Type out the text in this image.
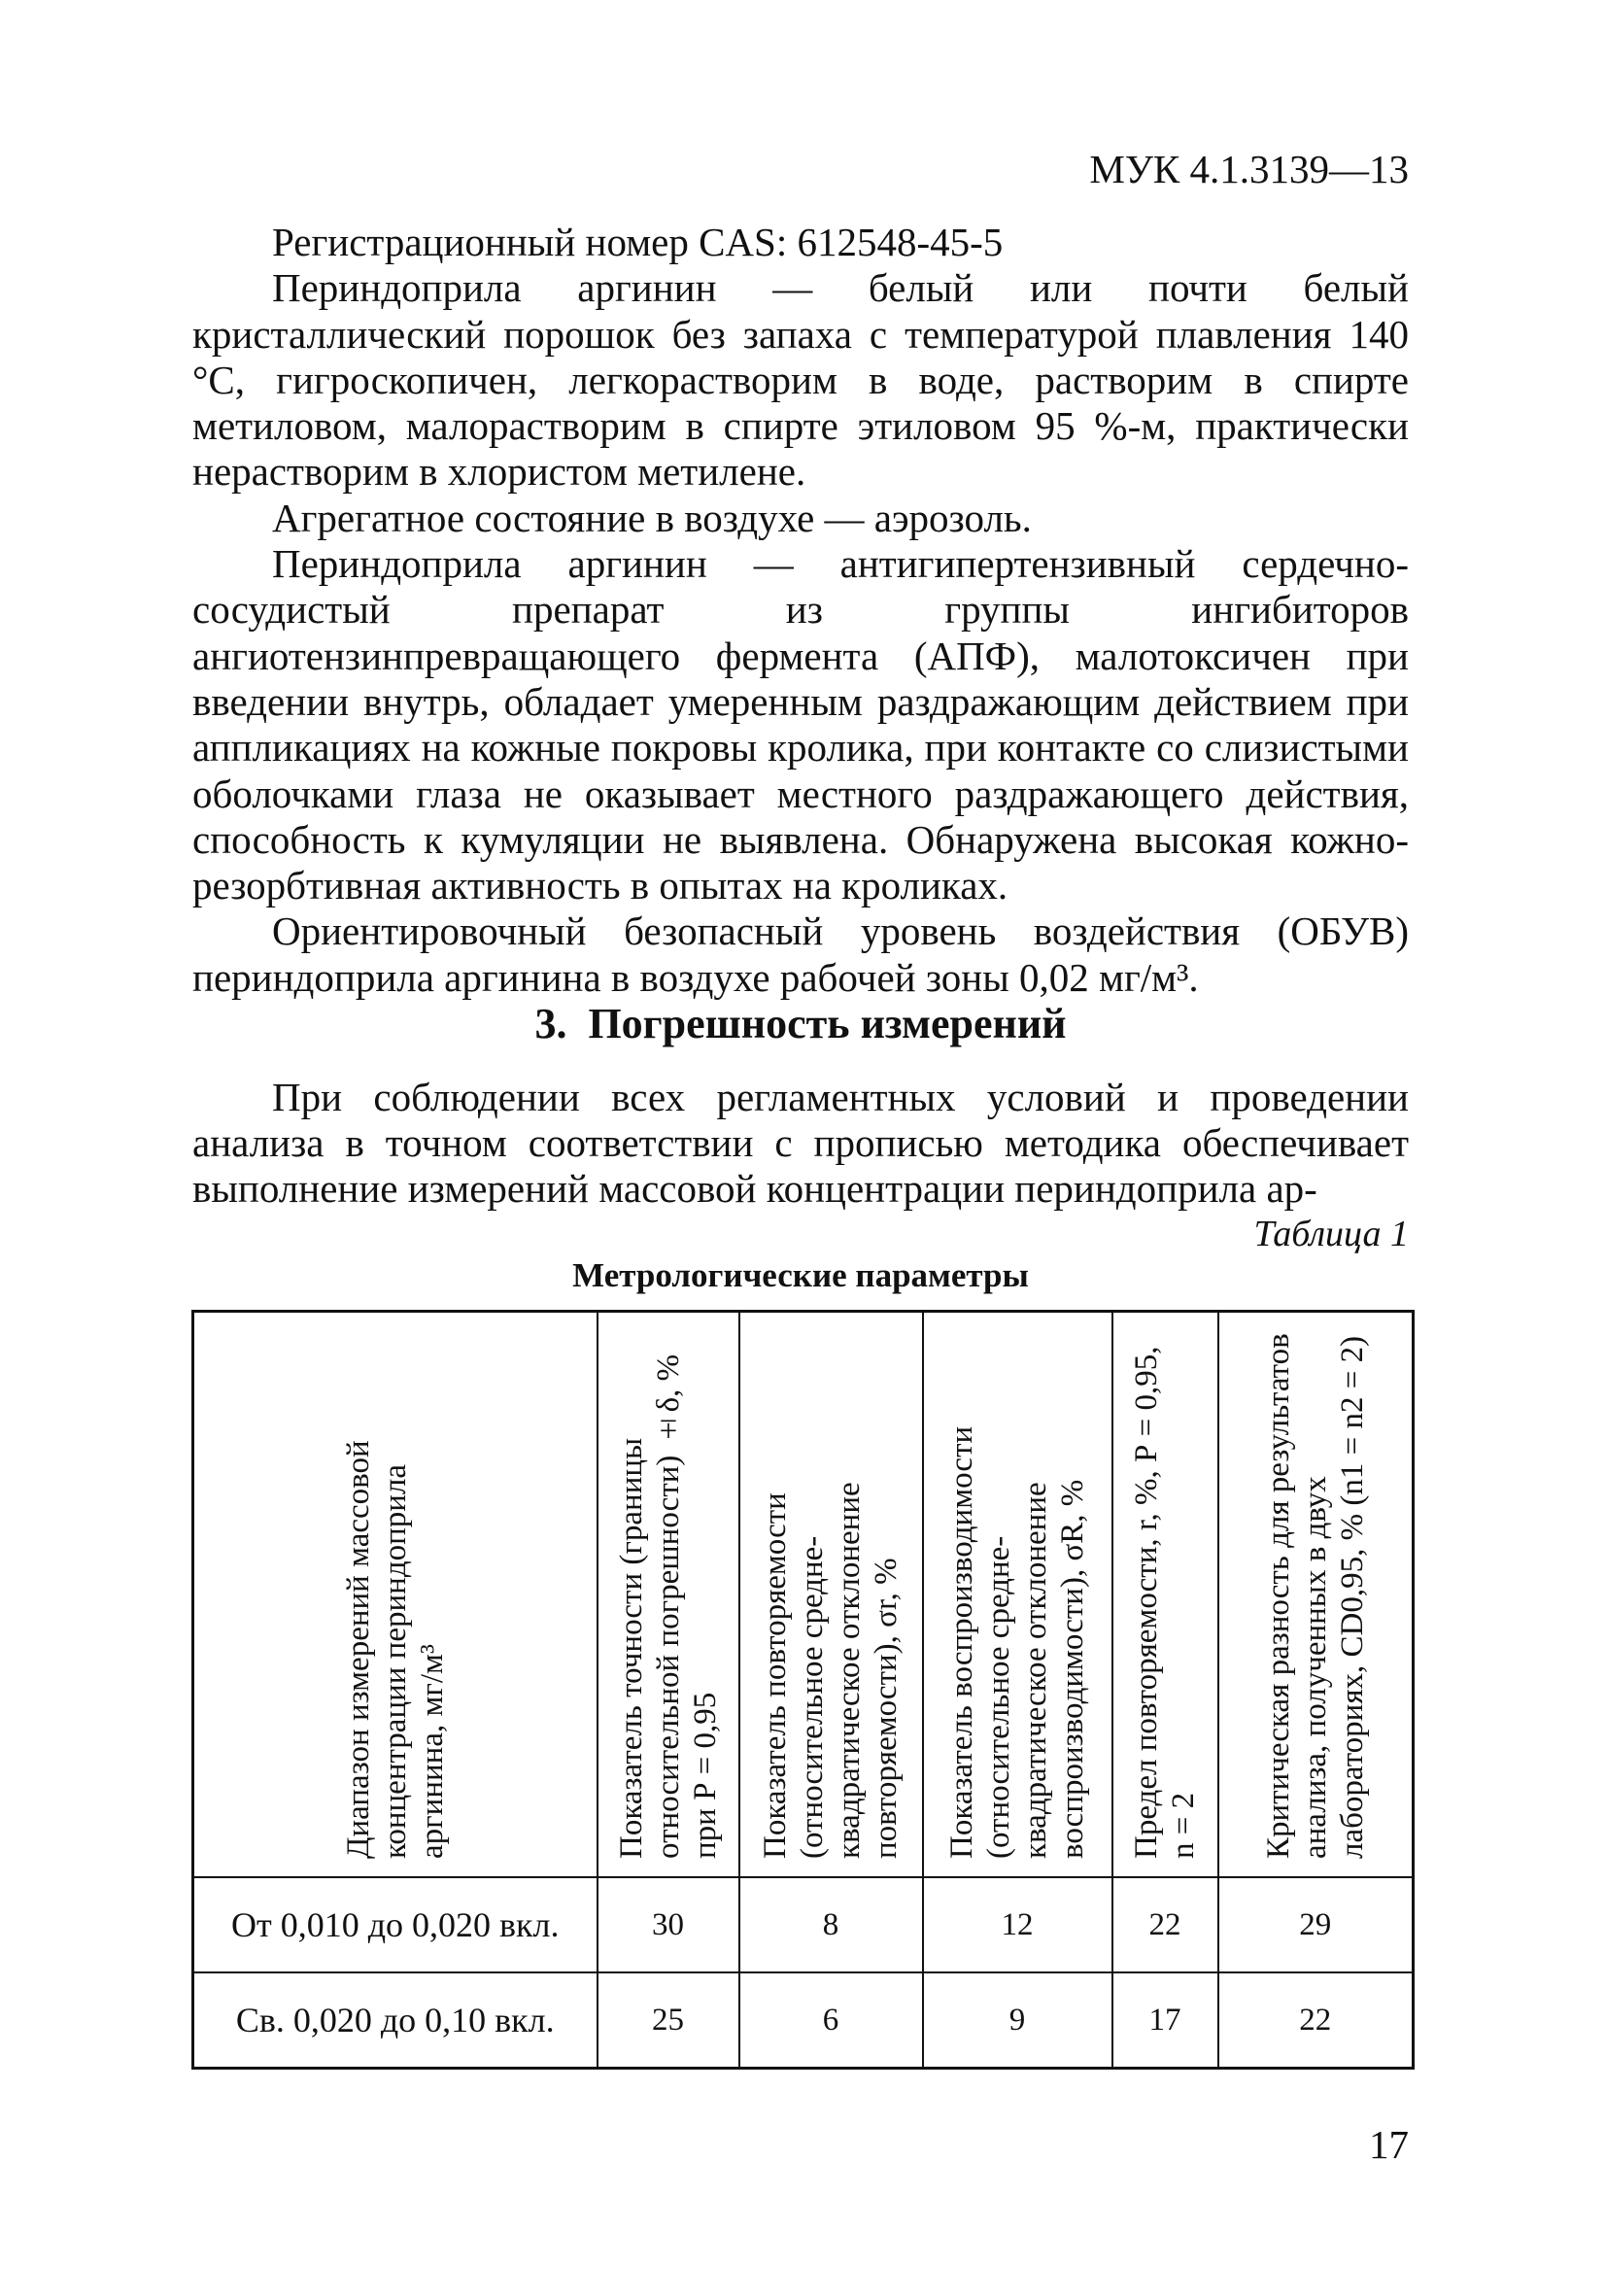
МУК 4.1.3139—13

Регистрационный номер CAS: 612548-45-5

Периндоприла аргинин — белый или почти белый кристаллический порошок без запаха с температурой плавления 140 °С, гигроскопичен, легкорастворим в воде, растворим в спирте метиловом, малорастворим в спирте этиловом 95 %-м, практически нерастворим в хлористом метилене.

Агрегатное состояние в воздухе — аэрозоль.

Периндоприла аргинин — антигипертензивный сердечно-сосудистый препарат из группы ингибиторов ангиотензинпревращающего фермента (АПФ), малотоксичен при введении внутрь, обладает умеренным раздражающим действием при аппликациях на кожные покровы кролика, при контакте со слизистыми оболочками глаза не оказывает местного раздражающего действия, способность к кумуляции не выявлена. Обнаружена высокая кожно-резорбтивная активность в опытах на кроликах.

Ориентировочный безопасный уровень воздействия (ОБУВ) периндоприла аргинина в воздухе рабочей зоны 0,02 мг/м³.

3. Погрешность измерений

При соблюдении всех регламентных условий и проведении анализа в точном соответствии с прописью методика обеспечивает выполнение измерений массовой концентрации периндоприла ар-

Таблица 1
Метрологические параметры
Диапазон измерений массовой концентрации периндоприла аргинина, мг/м³	Показатель точности (границы относительной погрешности) ±δ, % при Р = 0,95	Показатель повторяемости (относительное средне-квадратическое отклонение повторяемости), σr, %	Показатель воспроизводимости (относительное средне-квадратическое отклонение воспроизводимости), σR, %	Предел повторяемости, r, %, Р = 0,95, n = 2	Критическая разность для результатов анализа, полученных в двух лабораториях, CD0,95, % (n1 = n2 = 2)

От 0,010 до 0,020 вкл.	30	8	12	22	29
Св. 0,020 до 0,10 вкл.	25	6	9	17	22
17
